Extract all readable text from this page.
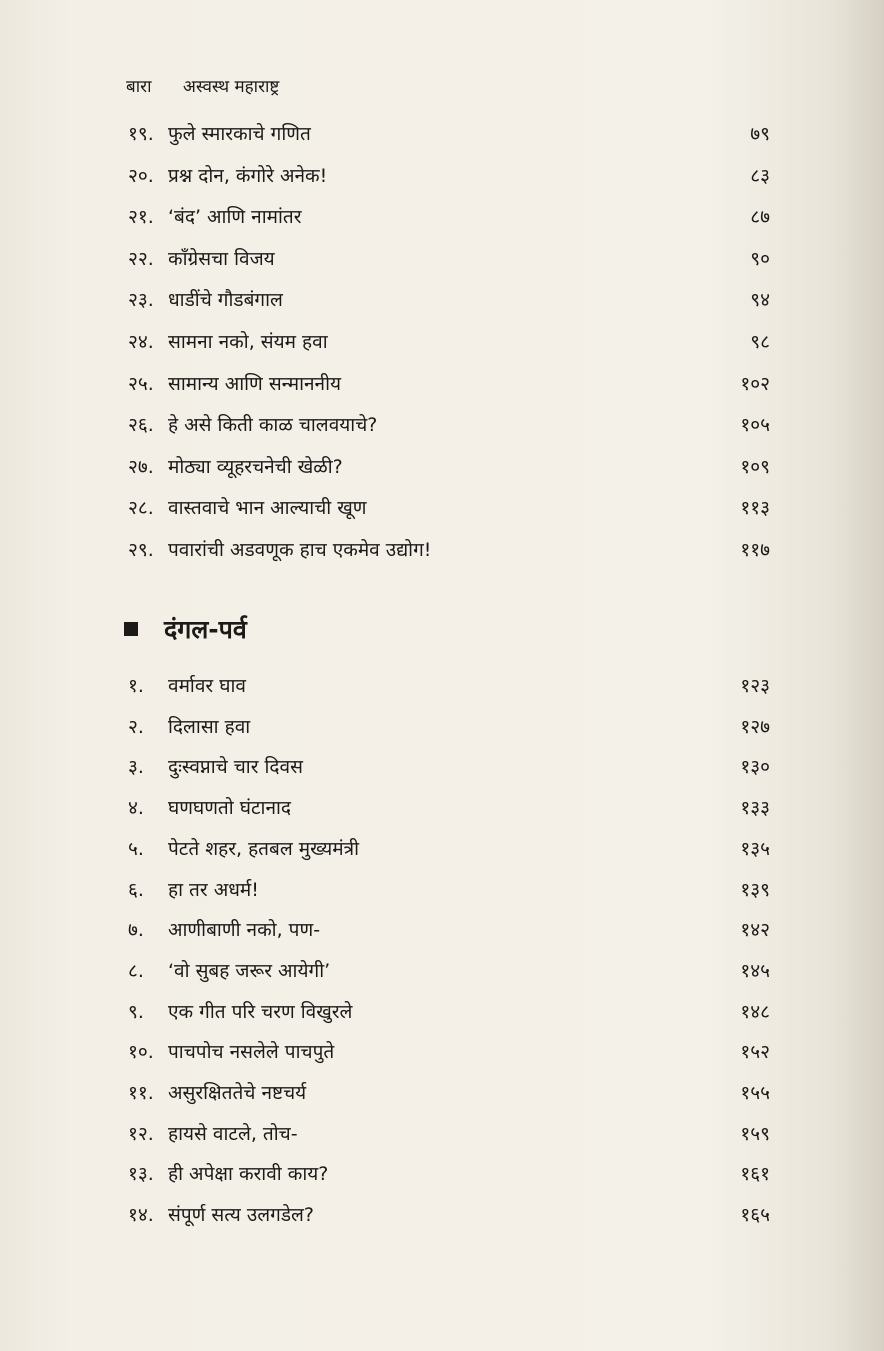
बारा अस्वस्थ महाराष्ट्र
दंगल-पर्व
१९. फुले स्मारकाचे गणित	७९
२०. प्रश्न दोन, कंगोरे अनेक!	८३
२१. ‘बंद’ आणि नामांतर	८७
२२. काँग्रेसचा विजय	९०
२३. धाडींचे गौडबंगाल	९४
२४. सामना नको, संयम हवा	९८
२५. सामान्य आणि सन्माननीय	१०२
२६. हे असे किती काळ चालवयाचे?	१०५
२७. मोठ्या व्यूहरचनेची खेळी?	१०९
२८. वास्तवाचे भान आल्याची खूण	११३
२९. पवारांची अडवणूक हाच एकमेव उद्योग!	११७
१. वर्मावर घाव	१२३
२. दिलासा हवा	१२७
३. दुःस्वप्नाचे चार दिवस	१३०
४. घणघणतो घंटानाद	१३३
५. पेटते शहर, हतबल मुख्यमंत्री	१३५
६. हा तर अधर्म!	१३९
७. आणीबाणी नको, पण-	१४२
८. ‘वो सुबह जरूर आयेगी’	१४५
९. एक गीत परि चरण विखुरले	१४८
१०. पाचपोच नसलेले पाचपुते	१५२
११. असुरक्षिततेचे नष्टचर्य	१५५
१२. हायसे वाटले, तोच-	१५९
१३. ही अपेक्षा करावी काय?	१६१
१४. संपूर्ण सत्य उलगडेल?	१६५
